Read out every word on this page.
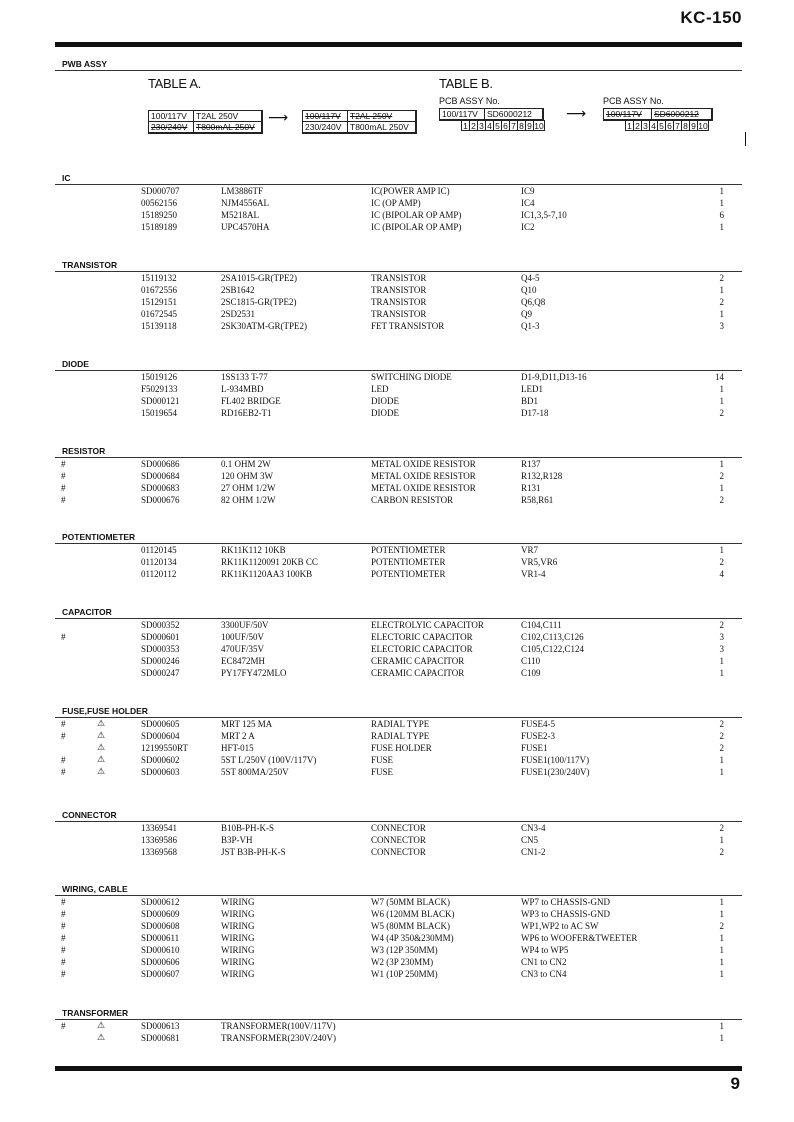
KC-150
PWB ASSY
TABLE A.
100/117V	T2AL 250V
230/240V	T800mAL 250V
⟶ 100/117V	T2AL 250V
230/240V	T800mAL 250V
TABLE B.
PCB ASSY No.
100/117V	SD6000212
1 2 3 4 5 6 7 8 9 10
⟶
PCB ASSY No.
100/117V	SD6000212
1 2 3 4 5 6 7 8 9 10
IC
SD000707	LM3886TF	IC(POWER AMP IC)	IC9	1
00562156	NJM4556AL	IC (OP AMP)	IC4	1
15189250	M5218AL	IC (BIPOLAR OP AMP)	IC1,3,5-7,10	6
15189189	UPC4570HA	IC (BIPOLAR OP AMP)	IC2	1
TRANSISTOR
15119132	2SA1015-GR(TPE2)	TRANSISTOR	Q4-5	2
01672556	2SB1642	TRANSISTOR	Q10	1
15129151	2SC1815-GR(TPE2)	TRANSISTOR	Q6,Q8	2
01672545	2SD2531	TRANSISTOR	Q9	1
15139118	2SK30ATM-GR(TPE2)	FET TRANSISTOR	Q1-3	3
DIODE
15019126	1SS133 T-77	SWITCHING DIODE	D1-9,D11,D13-16	14
F5029133	L-934MBD	LED	LED1	1
SD000121	FL402 BRIDGE	DIODE	BD1	1
15019654	RD16EB2-T1	DIODE	D17-18	2
RESISTOR
#	SD000686	0.1 OHM 2W	METAL OXIDE RESISTOR	R137	1
#	SD000684	120 OHM 3W	METAL OXIDE RESISTOR	R132,R128	2
#	SD000683	27 OHM 1/2W	METAL OXIDE RESISTOR	R131	1
#	SD000676	82 OHM 1/2W	CARBON RESISTOR	R58,R61	2
POTENTIOMETER
01120145	RK11K112 10KB	POTENTIOMETER	VR7	1
01120134	RK11K1120091 20KB CC	POTENTIOMETER	VR5,VR6	2
01120112	RK11K1120AA3 100KB	POTENTIOMETER	VR1-4	4
CAPACITOR
SD000352	3300UF/50V	ELECTROLYIC CAPACITOR	C104,C111	2
#	SD000601	100UF/50V	ELECTORIC CAPACITOR	C102,C113,C126	3
SD000353	470UF/35V	ELECTORIC CAPACITOR	C105,C122,C124	3
SD000246	EC8472MH	CERAMIC CAPACITOR	C110	1
SD000247	PY17FY472MLO	CERAMIC CAPACITOR	C109	1
FUSE,FUSE HOLDER
#	⚠	SD000605	MRT 125 MA	RADIAL TYPE	FUSE4-5	2
#	⚠	SD000604	MRT 2 A	RADIAL TYPE	FUSE2-3	2
⚠	12199550RT	HFT-015	FUSE HOLDER	FUSE1	2
#	⚠	SD000602	5ST L/250V (100V/117V)	FUSE	FUSE1(100/117V)	1
#	⚠	SD000603	5ST 800MA/250V	FUSE	FUSE1(230/240V)	1
CONNECTOR
13369541	B10B-PH-K-S	CONNECTOR	CN3-4	2
13369586	B3P-VH	CONNECTOR	CN5	1
13369568	JST B3B-PH-K-S	CONNECTOR	CN1-2	2
WIRING, CABLE
#	SD000612	WIRING	W7 (50MM BLACK)	WP7 to CHASSIS-GND	1
#	SD000609	WIRING	W6 (120MM BLACK)	WP3 to CHASSIS-GND	1
#	SD000608	WIRING	W5 (80MM BLACK)	WP1,WP2 to AC SW	2
#	SD000611	WIRING	W4 (4P 350&230MM)	WP6 to WOOFER&TWEETER	1
#	SD000610	WIRING	W3 (12P 350MM)	WP4 to WP5	1
#	SD000606	WIRING	W2 (3P 230MM)	CN1 to CN2	1
#	SD000607	WIRING	W1 (10P 250MM)	CN3 to CN4	1
TRANSFORMER
#	⚠	SD000613	TRANSFORMER(100V/117V)	1
⚠	SD000681	TRANSFORMER(230V/240V)	1
9
